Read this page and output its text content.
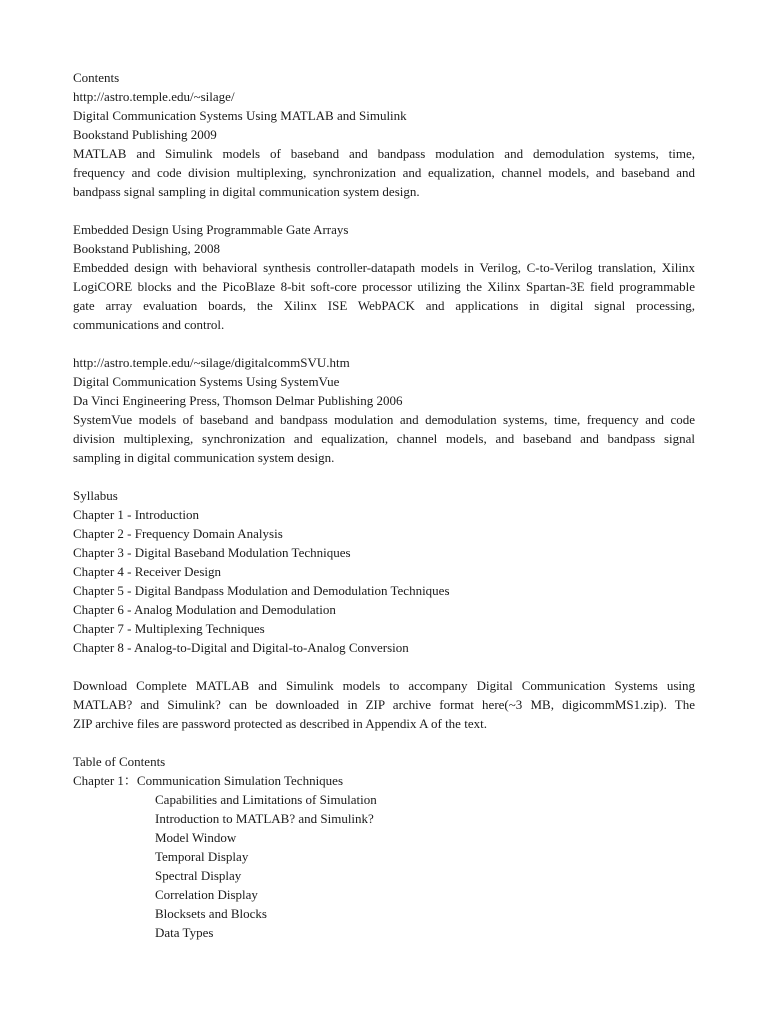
Contents
http://astro.temple.edu/~silage/
Digital Communication Systems Using MATLAB and Simulink
Bookstand Publishing 2009
MATLAB and Simulink models of baseband and bandpass modulation and demodulation systems, time,
frequency and code division multiplexing, synchronization and equalization, channel models, and baseband and
bandpass signal sampling in digital communication system design.
Embedded Design Using Programmable Gate Arrays
Bookstand Publishing, 2008
Embedded design with behavioral synthesis controller-datapath models in Verilog, C-to-Verilog translation, Xilinx
LogiCORE blocks and the PicoBlaze 8-bit soft-core processor utilizing the Xilinx Spartan-3E field programmable
gate array evaluation boards, the Xilinx ISE WebPACK and applications in digital signal processing,
communications and control.
http://astro.temple.edu/~silage/digitalcommSVU.htm
Digital Communication Systems Using SystemVue
Da Vinci Engineering Press, Thomson Delmar Publishing 2006
SystemVue models of baseband and bandpass modulation and demodulation systems, time, frequency and code
division multiplexing, synchronization and equalization, channel models, and baseband and bandpass signal
sampling in digital communication system design.
Syllabus
Chapter 1 - Introduction
Chapter 2 - Frequency Domain Analysis
Chapter 3 - Digital Baseband Modulation Techniques
Chapter 4 - Receiver Design
Chapter 5 - Digital Bandpass Modulation and Demodulation Techniques
Chapter 6 - Analog Modulation and Demodulation
Chapter 7 - Multiplexing Techniques
Chapter 8 - Analog-to-Digital and Digital-to-Analog Conversion
Download Complete MATLAB and Simulink models to accompany Digital Communication Systems using
MATLAB? and Simulink? can be downloaded in ZIP archive format here(~3 MB, digicommMS1.zip). The
ZIP archive files are password protected as described in Appendix A of the text.
Table of Contents
Chapter 1：Communication Simulation Techniques
Capabilities and Limitations of Simulation
Introduction to MATLAB? and Simulink?
Model Window
Temporal Display
Spectral Display
Correlation Display
Blocksets and Blocks
Data Types
